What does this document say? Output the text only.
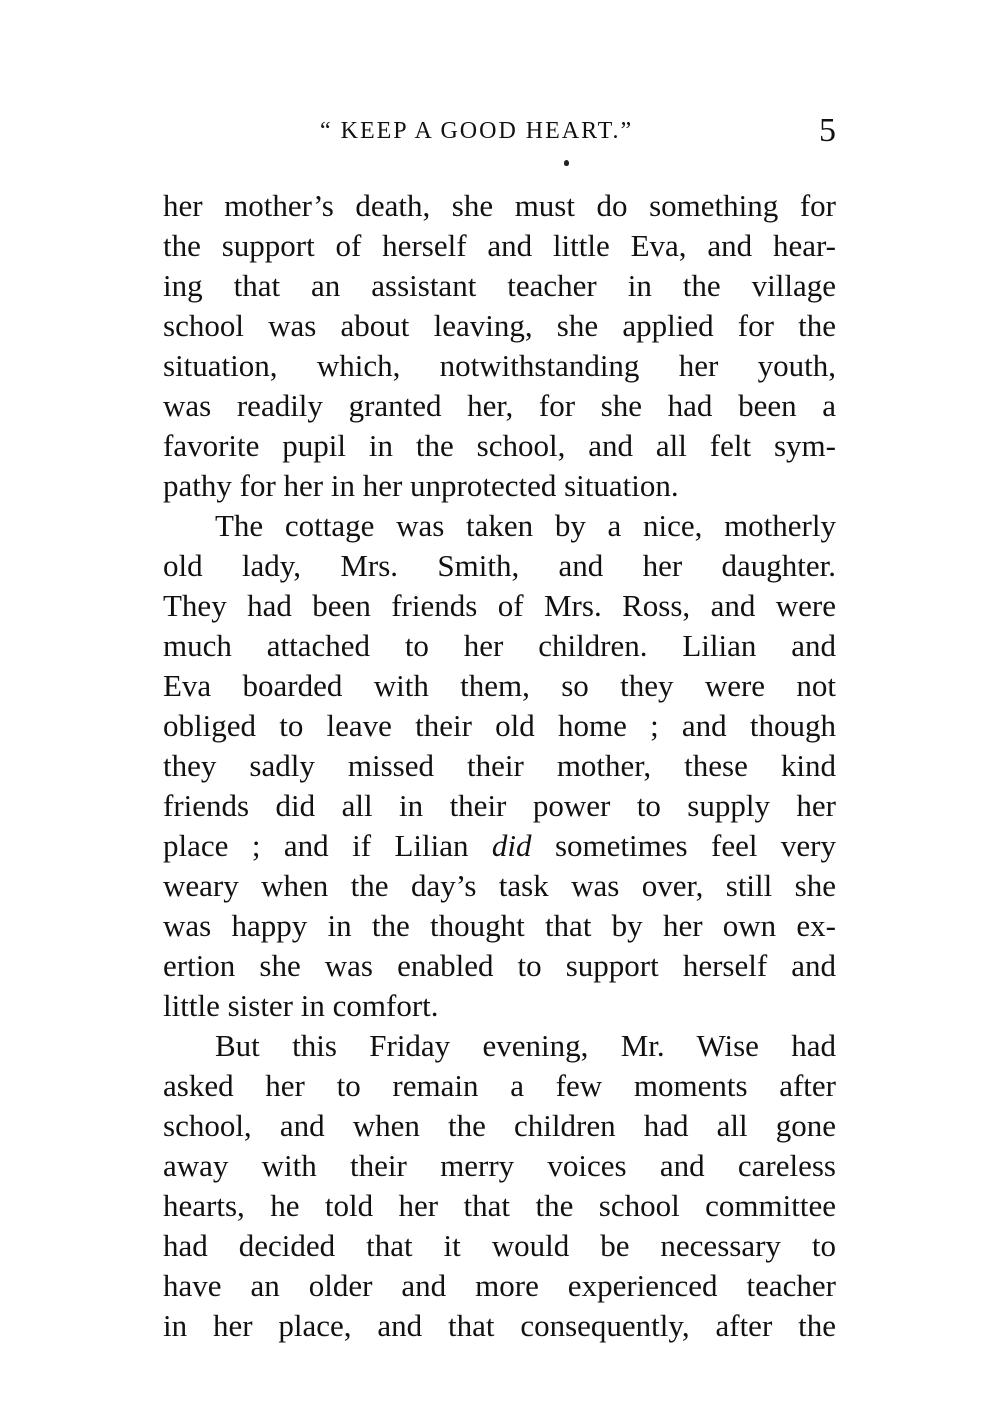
“ KEEP A GOOD HEART.”	5
her mother’s death, she must do something for
the support of herself and little Eva, and hear-
ing that an assistant teacher in the village
school was about leaving, she applied for the
situation, which, notwithstanding her youth,
was readily granted her, for she had been a
favorite pupil in the school, and all felt sym-
pathy for her in her unprotected situation.
The cottage was taken by a nice, motherly
old lady, Mrs. Smith, and her daughter.
They had been friends of Mrs. Ross, and were
much attached to her children. Lilian and
Eva boarded with them, so they were not
obliged to leave their old home ; and though
they sadly missed their mother, these kind
friends did all in their power to supply her
place ; and if Lilian did sometimes feel very
weary when the day’s task was over, still she
was happy in the thought that by her own ex-
ertion she was enabled to support herself and
little sister in comfort.
But this Friday evening, Mr. Wise had
asked her to remain a few moments after
school, and when the children had all gone
away with their merry voices and careless
hearts, he told her that the school committee
had decided that it would be necessary to
have an older and more experienced teacher
in her place, and that consequently, after the
